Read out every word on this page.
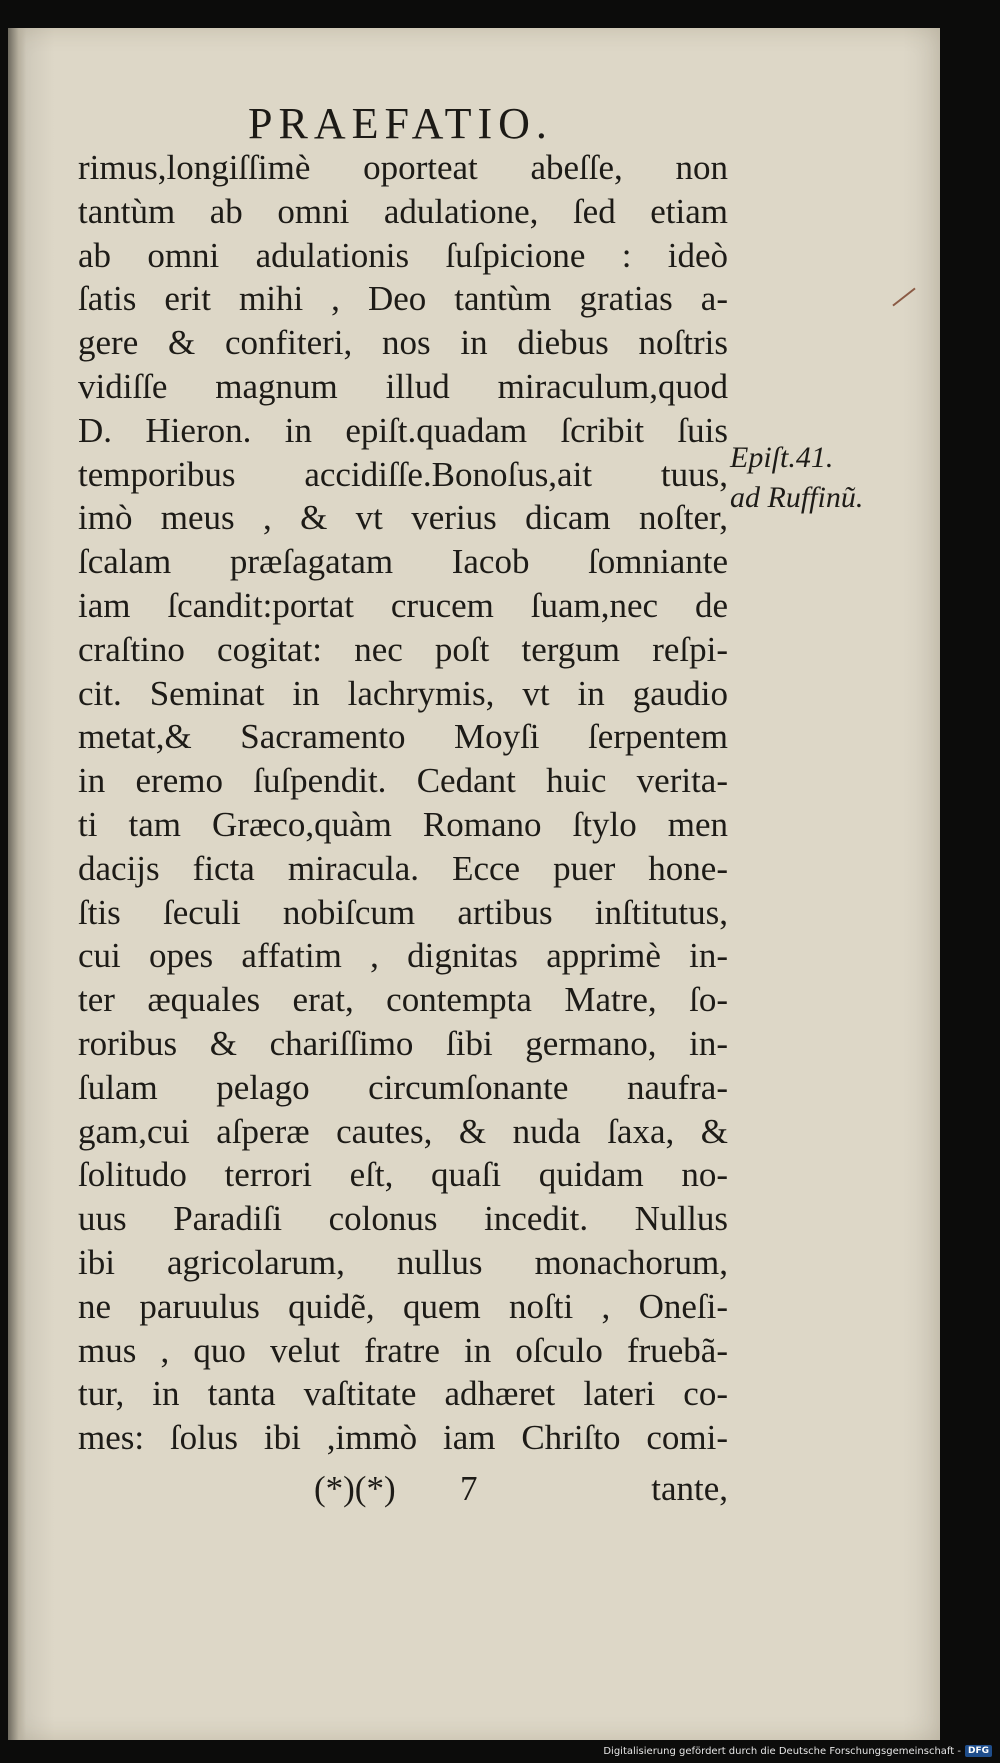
PRAEFATIO.
rimus,longiſſimè oporteat abeſſe, non
tantùm ab omni adulatione, ſed etiam
ab omni adulationis ſuſpicione : ideò
ſatis erit mihi , Deo tantùm gratias a-
gere & confiteri, nos in diebus noſtris
vidiſſe magnum illud miraculum,quod
D. Hieron. in epiſt.quadam ſcribit ſuis
temporibus accidiſſe.Bonoſus,ait tuus,
imò meus , & vt verius dicam noſter,
ſcalam præſagatam Iacob ſomniante
iam ſcandit:portat crucem ſuam,nec de
craſtino cogitat: nec poſt tergum reſpi-
cit. Seminat in lachrymis, vt in gaudio
metat,& Sacramento Moyſi ſerpentem
in eremo ſuſpendit. Cedant huic verita-
ti tam Græco,quàm Romano ſtylo men
dacijs ficta miracula. Ecce puer hone-
ſtis ſeculi nobiſcum artibus inſtitutus,
cui opes affatim , dignitas apprimè in-
ter æquales erat, contempta Matre, ſo-
roribus & chariſſimo ſibi germano, in-
ſulam pelago circumſonante naufra-
gam,cui aſperæ cautes, & nuda ſaxa, &
ſolitudo terrori eſt, quaſi quidam no-
uus Paradiſi colonus incedit. Nullus
ibi agricolarum, nullus monachorum,
ne paruulus quidẽ, quem noſti , Oneſi-
mus , quo velut fratre in oſculo fruebã-
tur, in tanta vaſtitate adhæret lateri co-
mes: ſolus ibi ,immò iam Chriſto comi-
Epiſt.41.
ad Ruffinũ.
(*)(*) 7	tante,
Digitalisierung gefördert durch die Deutsche Forschungsgemeinschaft - DFG
